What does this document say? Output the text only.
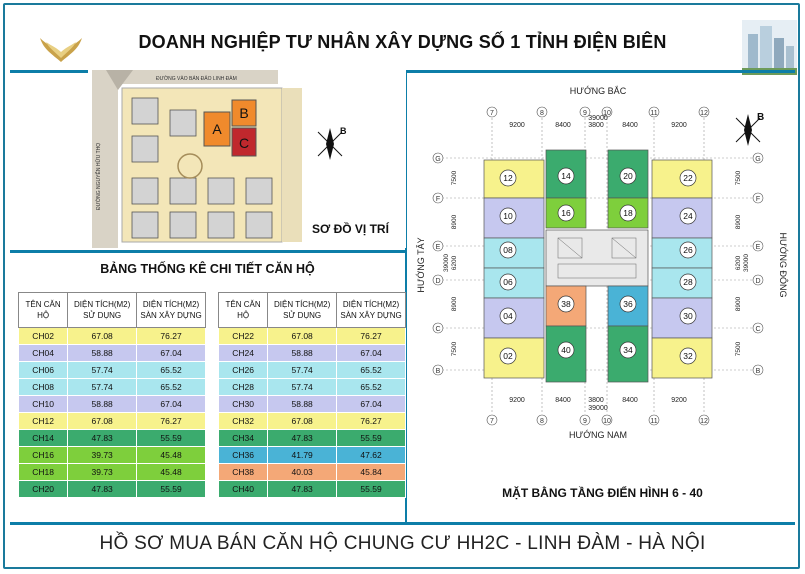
DOANH NGHIỆP TƯ NHÂN XÂY DỰNG SỐ 1 TỈNH ĐIỆN BIÊN
A
B
C
ĐƯỜNG VÀO BÁN ĐẢO LINH ĐÀM
ĐƯỜNG NGUYỄN HỮU THỌ
B
SƠ ĐỒ VỊ TRÍ
BẢNG THỐNG KÊ CHI TIẾT CĂN HỘ
TÊN CĂN HỘ	DIỆN TÍCH(M2) SỬ DỤNG	DIỆN TÍCH(M2) SÀN XÂY DỰNG
CH02	67.08	76.27
CH04	58.88	67.04
CH06	57.74	65.52
CH08	57.74	65.52
CH10	58.88	67.04
CH12	67.08	76.27
CH14	47.83	55.59
CH16	39.73	45.48
CH18	39.73	45.48
CH20	47.83	55.59
TÊN CĂN HỘ	DIỆN TÍCH(M2) SỬ DỤNG	DIỆN TÍCH(M2) SÀN XÂY DỰNG
CH22	67.08	76.27
CH24	58.88	67.04
CH26	57.74	65.52
CH28	57.74	65.52
CH30	58.88	67.04
CH32	67.08	76.27
CH34	47.83	55.59
CH36	41.79	47.62
CH38	40.03	45.84
CH40	47.83	55.59
7	8	9 10	11	12
7	8	9 10	11	12
G
F
E
D
C
B
G
F
E
D
C
B
HƯỚNG BẮC
HƯỚNG NAM
HƯỚNG TÂY	HƯỚNG ĐÔNG
9200	8400 3800	8400	9200
39000
9200	8400 3800	8400	9200
39000
7500
8900
6200
8900
7500
39000
7500
8900
6200
8900
7500
39000
12	14	20	22
10	16	18	24
08	26
06	28
04
38	36
30
02
40	34
32
B
MẶT BẰNG TẦNG ĐIỂN HÌNH 6 - 40
HỒ SƠ MUA BÁN CĂN HỘ CHUNG CƯ HH2C - LINH ĐÀM - HÀ NỘI
